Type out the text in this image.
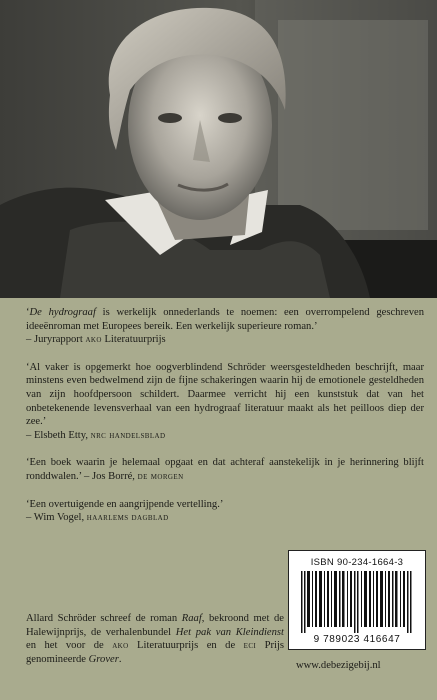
‘De hydrograaf is werkelijk onnederlands te noemen: een overrompelend geschreven ideeënroman met Europees bereik. Een werkelijk superieure roman.’

– Juryrapport ako Literatuurprijs

‘Al vaker is opgemerkt hoe oogverblindend Schröder weersgesteldheden beschrijft, maar minstens even bedwelmend zijn de fijne schakeringen waarin hij de emotionele gesteldheden van zijn hoofdpersoon schildert. Daarmee verricht hij een kunststuk dat van het onbetekenende levensverhaal van een hydrograaf literatuur maakt als het peilloos diep der zee.’

– Elsbeth Etty, nrc handelsblad

‘Een boek waarin je helemaal opgaat en dat achteraf aanstekelijk in je herinnering blijft ronddwalen.’ – Jos Borré, de morgen

‘Een overtuigende en aangrijpende vertelling.’

– Wim Vogel, haarlems dagblad

ISBN 90-234-1664-3
9 789023 416647

Allard Schröder schreef de roman Raaf, bekroond met de Halewijnprijs, de verhalenbundel Het pak van Kleindienst en het voor de ako Literatuurprijs en de eci Prijs genomineerde Grover.

www.debezigebij.nl
